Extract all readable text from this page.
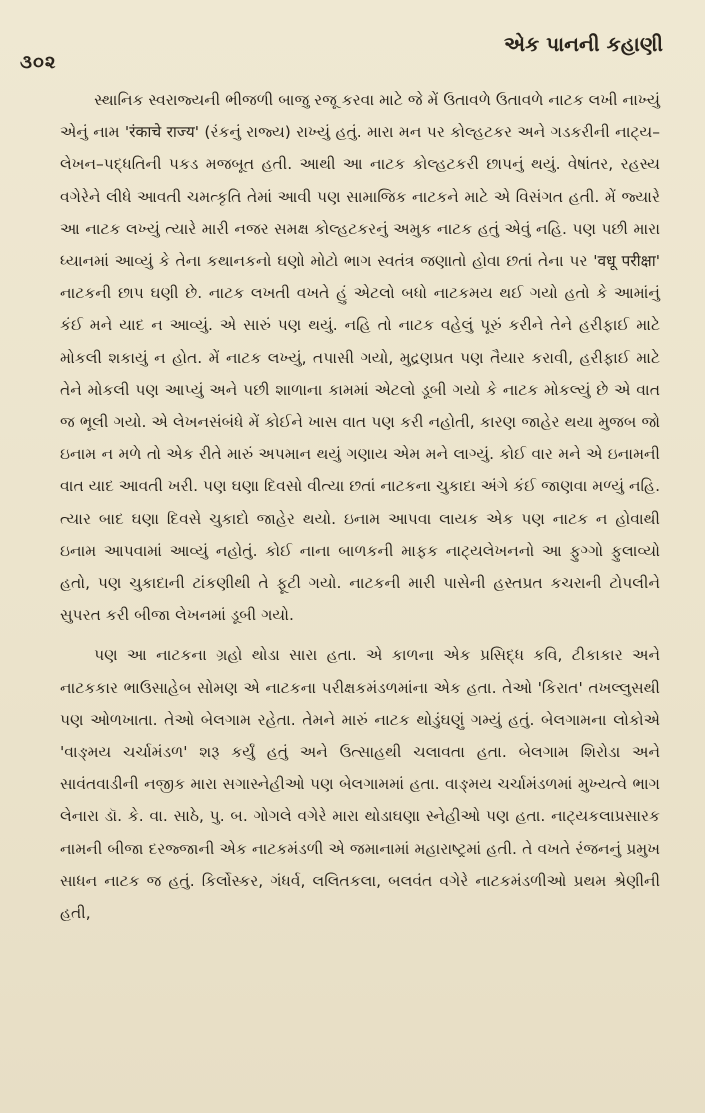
૩૦૨
એક પાનની કહાણી

સ્થાનિક સ્વરાજ્યની ભીજળી બાજુ રજૂ કરવા માટે જે મેં ઉતાવળે ઉતાવળે નાટક લખી નાખ્યું એનું નામ 'रंकाचे राज्य' (રંકનું રાજ્ય) રાખ્યું હતું. મારા મન પર કોલ્હટકર અને ગડકરીની નાટ્ય–લેખન–પદ્ધતિની પકડ મજબૂત હતી. આથી આ નાટક કોલ્હટકરી છાપનું થયું. વેષાંતર, રહસ્ય વગેરેને લીધે આવતી ચમત્કૃતિ તેમાં આવી પણ સામાજિક નાટકને માટે એ વિસંગત હતી. મેં જ્યારે આ નાટક લખ્યું ત્યારે મારી નજર સમક્ષ કોલ્હટકરનું અમુક નાટક હતું એવું નહિ. પણ પછી મારા ધ્યાનમાં આવ્યું કે તેના કથાનકનો ઘણો મોટો ભાગ સ્વતંત્ર જણાતો હોવા છતાં તેના પર 'वधू परीक्षा' નાટકની છાપ ઘણી છે. નાટક લખતી વખતે હું એટલો બધો નાટકમય થઈ ગયો હતો કે આમાંનું કંઈ મને યાદ ન આવ્યું. એ સારું પણ થયું. નહિ તો નાટક વહેલું પૂરું કરીને તેને હરીફાઈ માટે મોકલી શકાયું ન હોત. મેં નાટક લખ્યું, તપાસી ગયો, મુદ્રણપ્રત પણ તૈયાર કરાવી, હરીફાઈ માટે તેને મોકલી પણ આપ્યું અને પછી શાળાના કામમાં એટલો ડૂબી ગયો કે નાટક મોકલ્યું છે એ વાત જ ભૂલી ગયો. એ લેખનસંબંધે મેં કોઈને ખાસ વાત પણ કરી નહોતી, કારણ જાહેર થયા મુજબ જો ઇનામ ન મળે તો એક રીતે મારું અપમાન થયું ગણાય એમ મને લાગ્યું. કોઈ વાર મને એ ઇનામની વાત યાદ આવતી ખરી. પણ ઘણા દિવસો વીત્યા છતાં નાટકના ચુકાદા અંગે કંઈ જાણવા મળ્યું નહિ. ત્યાર બાદ ઘણા દિવસે ચુકાદો જાહેર થયો. ઇનામ આપવા લાયક એક પણ નાટક ન હોવાથી ઇનામ આપવામાં આવ્યું નહોતું. કોઈ નાના બાળકની માફક નાટ્યલેખનનો આ ફુગ્ગો ફુલાવ્યો હતો, પણ ચુકાદાની ટાંકણીથી તે ફૂટી ગયો. નાટકની મારી પાસેની હસ્તપ્રત કચરાની ટોપલીને સુપરત કરી બીજા લેખનમાં ડૂબી ગયો.

પણ આ નાટકના ગ્રહો થોડા સારા હતા. એ કાળના એક પ્રસિદ્ધ કવિ, ટીકાકાર અને નાટકકાર ભાઉસાહેબ સોમણ એ નાટકના પરીક્ષકમંડળમાંના એક હતા. તેઓ 'કિરાત' તખલ્લુસથી પણ ઓળખાતા. તેઓ બેલગામ રહેતા. તેમને મારું નાટક થોડુંઘણું ગમ્યું હતું. બેલગામના લોકોએ 'વાઙ્‌મય ચર્ચામંડળ' શરૂ કર્યું હતું અને ઉત્સાહથી ચલાવતા હતા. બેલગામ શિરોડા અને સાવંતવાડીની નજીક મારા સગાસ્નેહીઓ પણ બેલગામમાં હતા. વાઙ્‌મય ચર્ચામંડળમાં મુખ્યત્વે ભાગ લેનારા ડૉ. કે. વા. સાઠે, પુ. બ. ગોગલે વગેરે મારા થોડાઘણા સ્નેહીઓ પણ હતા. નાટ્યકલાપ્રસારક નામની બીજા દરજ્જાની એક નાટકમંડળી એ જમાનામાં મહારાષ્ટ્રમાં હતી. તે વખતે રંજનનું પ્રમુખ સાધન નાટક જ હતું. કિર્લોસ્કર, ગંધર્વ, લલિતકલા, બલવંત વગેરે નાટકમંડળીઓ પ્રથમ શ્રેણીની હતી,
